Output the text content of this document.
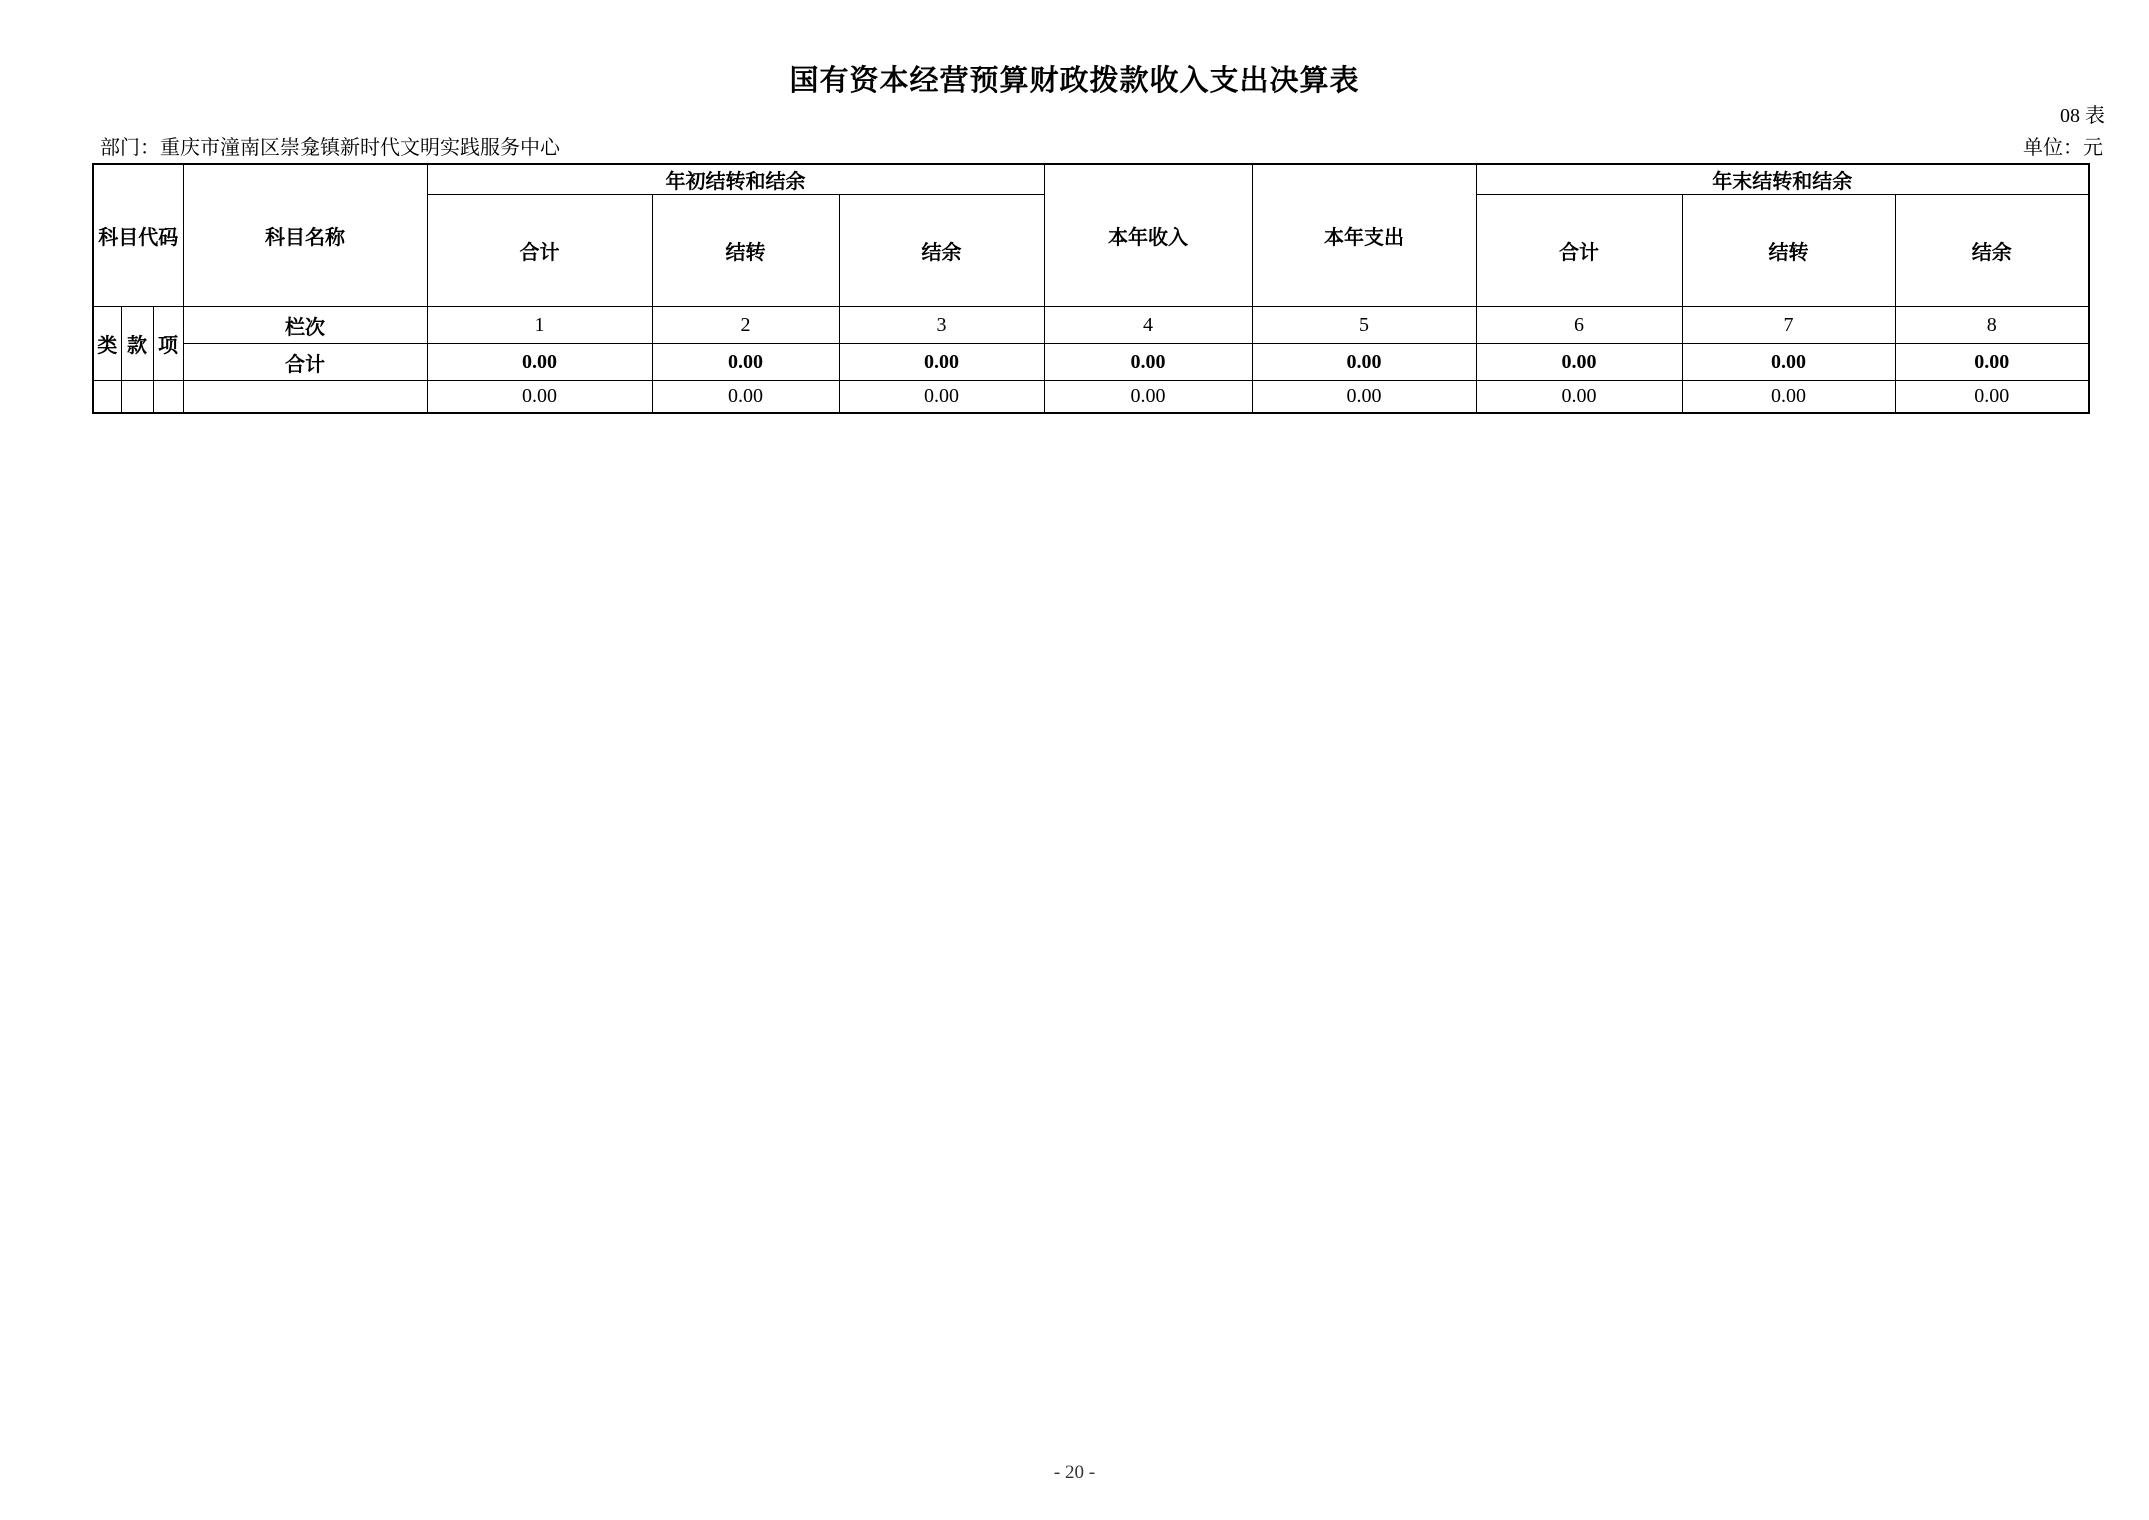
国有资本经营预算财政拨款收入支出决算表
08 表
部门：重庆市潼南区崇龛镇新时代文明实践服务中心	单位：元
科目代码			科目名称	年初结转和结余			本年收入	本年支出	年末结转和结余		
				合计	结转	结余			合计	结转	结余
类	款	项	栏次	1	2	3	4	5	6	7	8
			合计	0.00	0.00	0.00	0.00	0.00	0.00	0.00	0.00
				0.00	0.00	0.00	0.00	0.00	0.00	0.00	0.00
- 20 -
